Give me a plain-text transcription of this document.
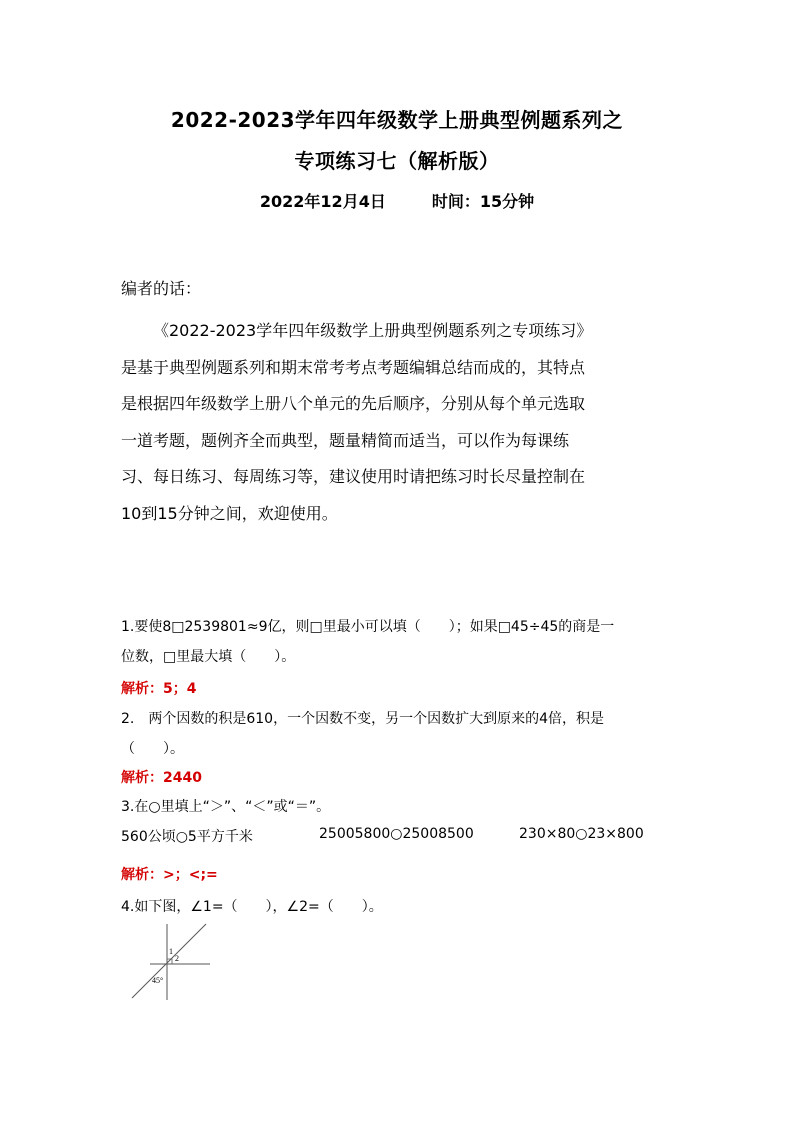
2022-2023学年四年级数学上册典型例题系列之
专项练习七（解析版）
2022年12月4日	时间：15分钟
编者的话：

《2022-2023学年四年级数学上册典型例题系列之专项练习》

是基于典型例题系列和期末常考考点考题编辑总结而成的，其特点

是根据四年级数学上册八个单元的先后顺序，分别从每个单元选取

一道考题，题例齐全而典型，题量精简而适当，可以作为每课练

习、每日练习、每周练习等，建议使用时请把练习时长尽量控制在

10到15分钟之间，欢迎使用。

1.要使8□2539801≈9亿，则□里最小可以填（　　）；如果□45÷45的商是一
位数，□里最大填（　　）。
解析：5；4
2.　两个因数的积是610，一个因数不变，另一个因数扩大到原来的4倍，积是
（　　）。
解析：2440
3.在○里填上“＞”、“＜”或“＝”。
560公顷○5平方千米	25005800○25008500	230×80○23×800
解析：>；<;=
4.如下图，∠1=（　　），∠2=（　　）。
1
2
45°
